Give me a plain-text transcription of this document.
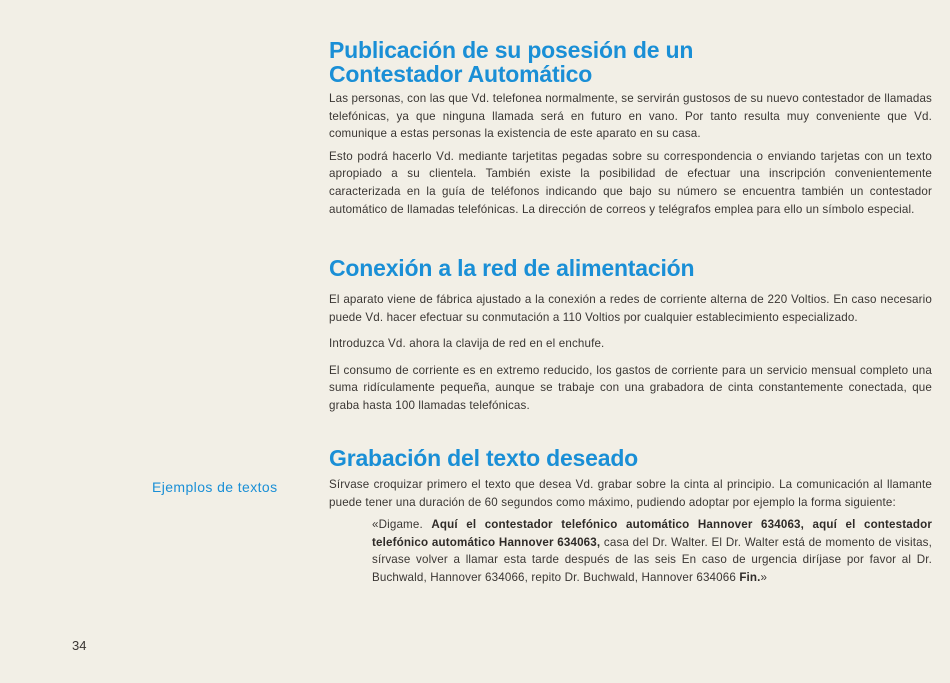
Publicación de su posesión de un
Contestador Automático

Las personas, con las que Vd. telefonea normalmente, se servirán gustosos de su nuevo contestador de llamadas telefónicas, ya que ninguna llamada será en futuro en vano. Por tanto resulta muy conveniente que Vd. comunique a estas personas la existencia de este aparato en su casa.

Esto podrá hacerlo Vd. mediante tarjetitas pegadas sobre su correspondencia o enviando tarjetas con un texto apropiado a su clientela. También existe la posibilidad de efectuar una inscripción convenientemente caracterizada en la guía de teléfonos indicando que bajo su número se encuentra también un contestador automático de llamadas telefónicas. La dirección de correos y telégrafos emplea para ello un símbolo especial.

Conexión a la red de alimentación

El aparato viene de fábrica ajustado a la conexión a redes de corriente alterna de 220 Voltios. En caso necesario puede Vd. hacer efectuar su conmutación a 110 Voltios por cualquier establecimiento especializado.

Introduzca Vd. ahora la clavija de red en el enchufe.

El consumo de corriente es en extremo reducido, los gastos de corriente para un servicio mensual completo una suma ridículamente pequeña, aunque se trabaje con una grabadora de cinta constantemente conectada, que graba hasta 100 llamadas telefónicas.

Ejemplos de textos
Grabación del texto deseado

Sírvase croquizar primero el texto que desea Vd. grabar sobre la cinta al principio. La comunicación al llamante puede tener una duración de 60 segundos como máximo, pudiendo adoptar por ejemplo la forma siguiente:

«Digame. Aquí el contestador telefónico automático Hannover 634063, aquí el contestador telefónico automático Hannover 634063, casa del Dr. Walter. El Dr. Walter está de momento de visitas, sírvase volver a llamar esta tarde después de las seis En caso de urgencia diríjase por favor al Dr. Buchwald, Hannover 634066, repito Dr. Buchwald, Hannover 634066 Fin.»

34
